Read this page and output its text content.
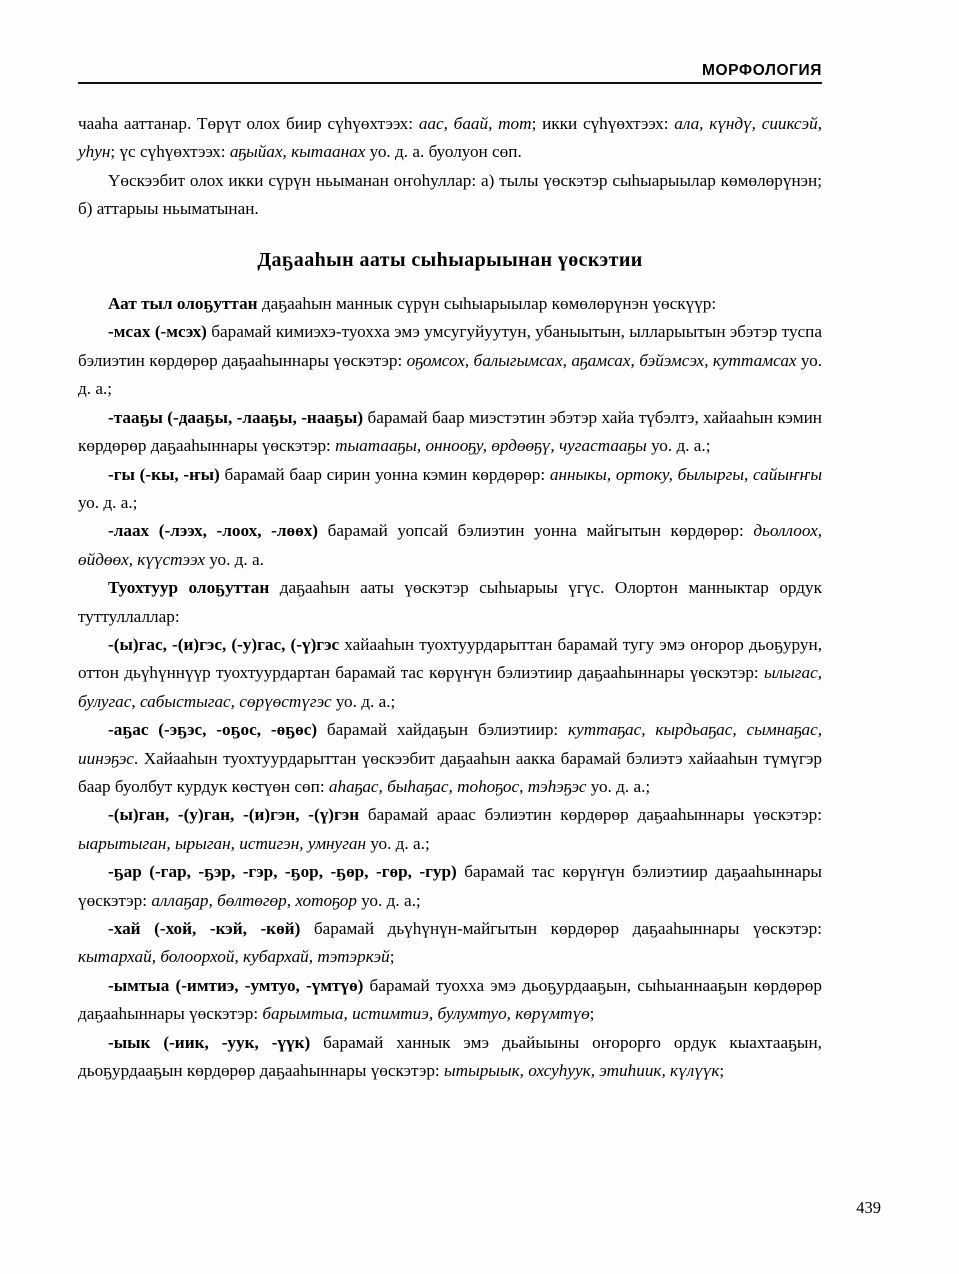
МОРФОЛОГИЯ

чааһа ааттанар. Төрүт олох биир сүһүөхтээх: аас, баай, тот; икки сүһүөхтээх: ала, күндү, сииксэй, уһун; үс сүһүөхтээх: аҕыйах, кытаанах уо. д. а. буолуон сөп.

Үөскээбит олох икки сүрүн ньыманан оҥоһуллар: а) тылы үөскэтэр сыһыарыылар көмөлөрүнэн; б) аттарыы ньыматынан.

Даҕааһын ааты сыһыарыынан үөскэтии

Аат тыл олоҕуттан даҕааһын маннык сүрүн сыһыарыылар көмөлөрүнэн үөскүүр:

-мсах (-мсэх) барамай кимиэхэ-туохха эмэ умсугуйуутун, убаныытын, ылларыытын эбэтэр туспа бэлиэтин көрдөрөр даҕааһыннары үөскэтэр: оҕомсох, балыгымсах, аҕамсах, бэйэмсэх, куттамсах уо. д. а.;

-тааҕы (-дааҕы, -лааҕы, -нааҕы) барамай баар миэстэтин эбэтэр хайа түбэлтэ, хайааһын кэмин көрдөрөр даҕааһыннары үөскэтэр: тыатааҕы, оннооҕу, өрдөөҕү, чугастааҕы уо. д. а.;

-гы (-кы, -ҥы) барамай баар сирин уонна кэмин көрдөрөр: анныкы, ортоку, былыргы, сайыҥҥы уо. д. а.;

-лаах (-лээх, -лоох, -лөөх) барамай уопсай бэлиэтин уонна майгытын көрдөрөр: дьоллоох, өйдөөх, күүстээх уо. д. а.

Туохтуур олоҕуттан даҕааһын ааты үөскэтэр сыһыарыы үгүс. Олортон манныктар ордук туттуллаллар:

-(ы)гас, -(и)гэс, (-у)гас, (-ү)гэс хайааһын туохтуурдарыттан барамай тугу эмэ оҥорор дьоҕурун, оттон дьүһүннүүр туохтуурдартан барамай тас көрүҥүн бэлиэтиир даҕааһыннары үөскэтэр: ылыгас, булугас, сабыстыгас, сөрүөстүгэс уо. д. а.;

-аҕас (-эҕэс, -оҕос, -өҕөс) барамай хайдаҕын бэлиэтиир: куттаҕас, кырдьаҕас, сымнаҕас, иинэҕэс. Хайааһын туохтуурдарыттан үөскээбит даҕааһын аакка барамай бэлиэтэ хайааһын түмүгэр баар буолбут курдук көстүөн сөп: аһаҕас, быһаҕас, тоһоҕос, тэһэҕэс уо. д. а.;

-(ы)ган, -(у)ган, -(и)гэн, -(ү)гэн барамай араас бэлиэтин көрдөрөр даҕааһыннары үөскэтэр: ыарытыган, ырыган, истигэн, умнуган уо. д. а.;

-ҕар (-гар, -ҕэр, -гэр, -ҕор, -ҕөр, -гөр, -гур) барамай тас көрүҥүн бэлиэтиир даҕааһыннары үөскэтэр: аллаҕар, бөлтөгөр, хотоҕор уо. д. а.;

-хай (-хой, -кэй, -көй) барамай дьүһүнүн-майгытын көрдөрөр даҕааһыннары үөскэтэр: кытархай, болоорхой, кубархай, тэтэркэй;

-ымтыа (-имтиэ, -умтуо, -үмтүө) барамай туохха эмэ дьоҕурдааҕын, сыһыаннааҕын көрдөрөр даҕааһыннары үөскэтэр: барымтыа, истимтиэ, булумтуо, көрүмтүө;

-ыык (-иик, -уук, -үүк) барамай ханнык эмэ дьайыыны оҥорорго ордук кыахтааҕын, дьоҕурдааҕын көрдөрөр даҕааһыннары үөскэтэр: ытырыык, охсуһуук, этиһиик, күлүүк;

439
